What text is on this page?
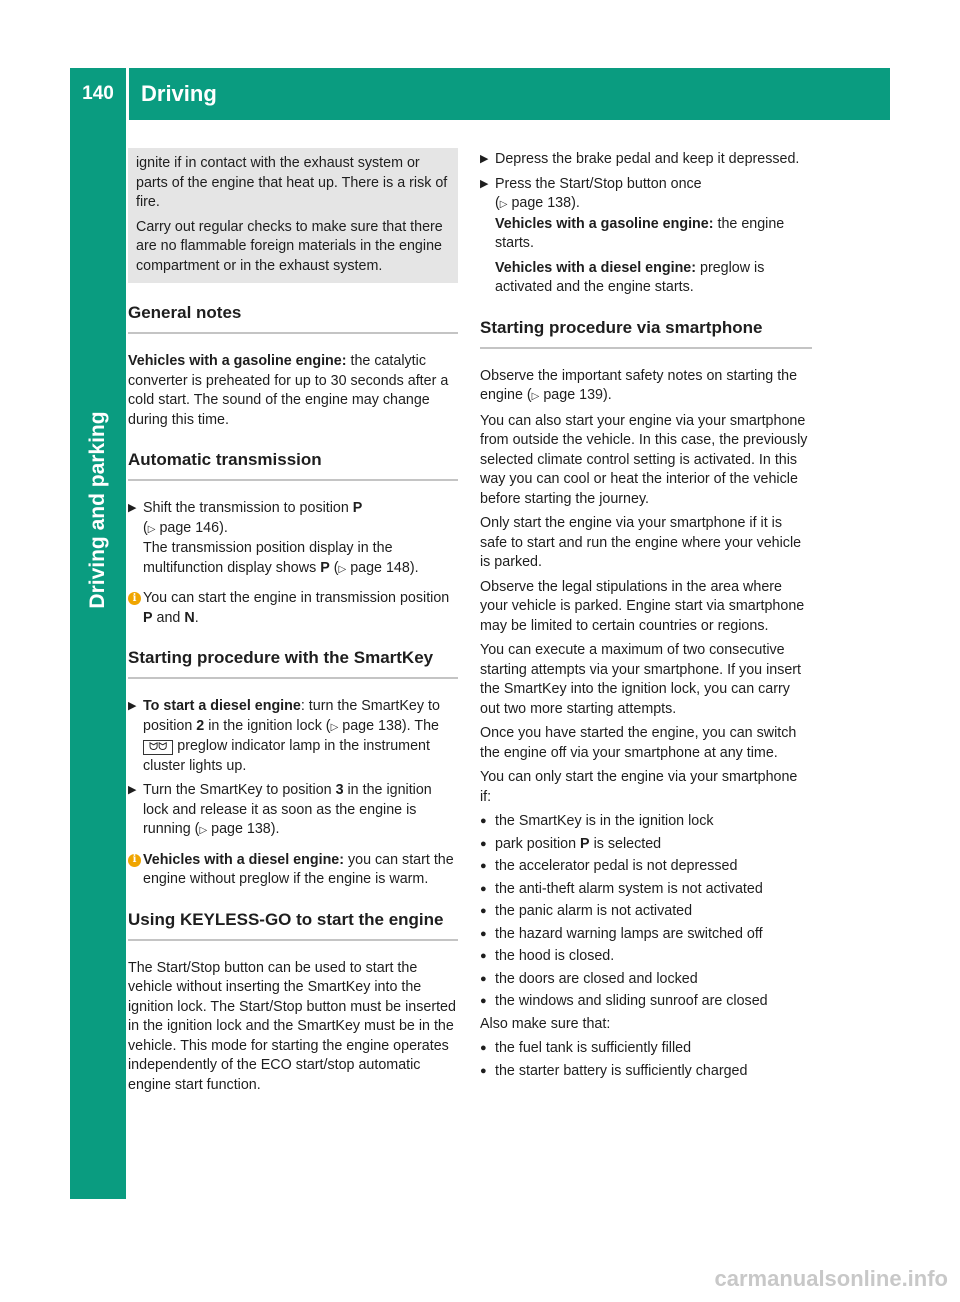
140	Driving
Driving and parking

ignite if in contact with the exhaust system or parts of the engine that heat up. There is a risk of fire.

Carry out regular checks to make sure that there are no flammable foreign materials in the engine compartment or in the exhaust system.

General notes

Vehicles with a gasoline engine: the catalytic converter is preheated for up to 30 seconds after a cold start. The sound of the engine may change during this time.

Automatic transmission
▶ Shift the transmission to position P
(▷ page 146).
The transmission position display in the multifunction display shows P (▷ page 148).
i You can start the engine in transmission position P and N.
Starting procedure with the SmartKey
▶ To start a diesel engine: turn the SmartKey to position 2 in the ignition lock (▷ page 138). The ᗢᗢ preglow indicator lamp in the instrument cluster lights up.
▶ Turn the SmartKey to position 3 in the ignition lock and release it as soon as the engine is running (▷ page 138).
i Vehicles with a diesel engine: you can start the engine without preglow if the engine is warm.
Using KEYLESS-GO to start the engine

The Start/Stop button can be used to start the vehicle without inserting the SmartKey into the ignition lock. The Start/Stop button must be inserted in the ignition lock and the SmartKey must be in the vehicle. This mode for starting the engine operates independently of the ECO start/stop automatic engine start function.

▶ Depress the brake pedal and keep it depressed.
▶ Press the Start/Stop button once
(▷ page 138).
Vehicles with a gasoline engine: the engine starts.
Vehicles with a diesel engine: preglow is activated and the engine starts.
Starting procedure via smartphone

Observe the important safety notes on starting the engine (▷ page 139).

You can also start your engine via your smartphone from outside the vehicle. In this case, the previously selected climate control setting is activated. In this way you can cool or heat the interior of the vehicle before starting the journey.

Only start the engine via your smartphone if it is safe to start and run the engine where your vehicle is parked.

Observe the legal stipulations in the area where your vehicle is parked. Engine start via smartphone may be limited to certain countries or regions.

You can execute a maximum of two consecutive starting attempts via your smartphone. If you insert the SmartKey into the ignition lock, you can carry out two more starting attempts.

Once you have started the engine, you can switch the engine off via your smartphone at any time.

You can only start the engine via your smartphone if:

● the SmartKey is in the ignition lock
● park position P is selected
● the accelerator pedal is not depressed
● the anti-theft alarm system is not activated
● the panic alarm is not activated
● the hazard warning lamps are switched off
● the hood is closed.
● the doors are closed and locked
● the windows and sliding sunroof are closed

Also make sure that:

● the fuel tank is sufficiently filled
● the starter battery is sufficiently charged
carmanualsonline.info
